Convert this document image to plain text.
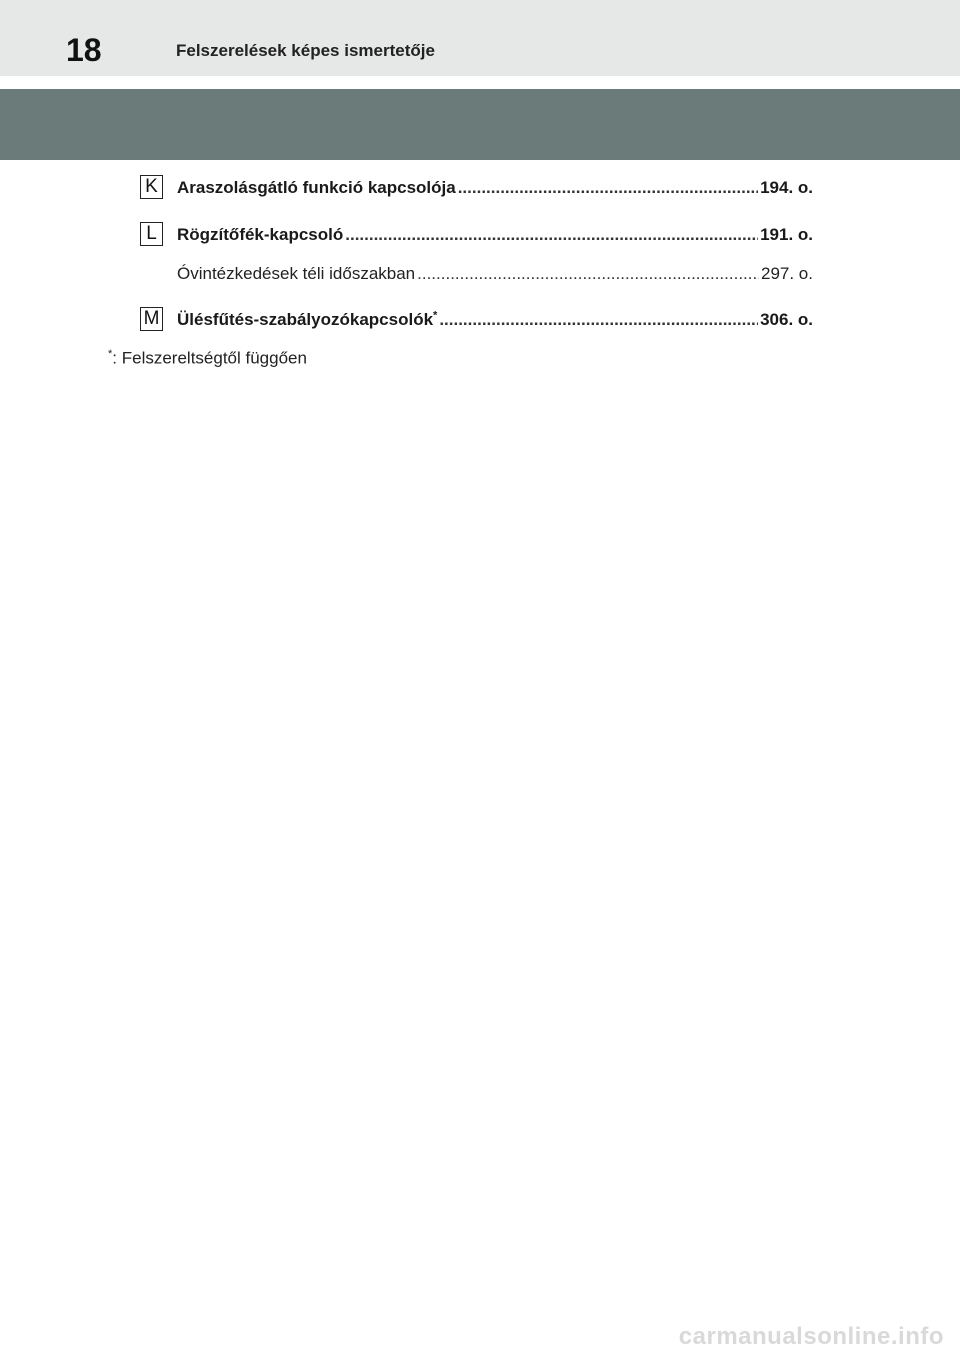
18	Felszerelések képes ismertetője
K	Araszolásgátló funkció kapcsolója .....	194. o.
L	Rögzítőfék-kapcsoló .....	191. o.
Óvintézkedések téli időszakban .....	297. o.
M Ülésfűtés-szabályozókapcsolók* .....	306. o.
*: Felszereltségtől függően
carmanualsonline.info
